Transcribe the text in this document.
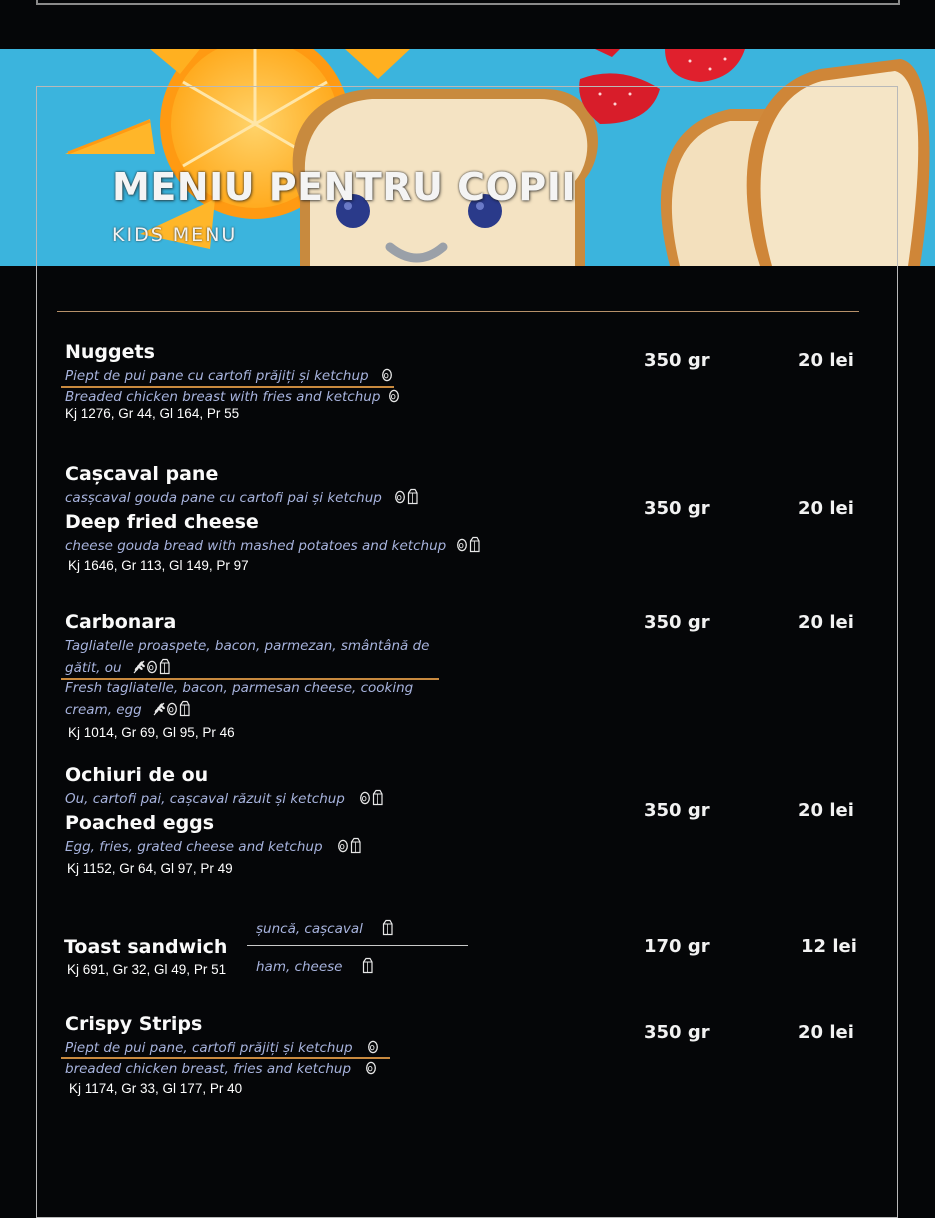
MENIU PENTRU COPII
KIDS MENU
Nuggets
Piept de pui pane cu cartofi prăjiți și ketchup
Breaded chicken breast with fries and ketchup
Kj 1276, Gr 44, Gl 164, Pr 55
350 gr	20 lei
Cașcaval pane
casșcaval gouda pane cu cartofi pai și ketchup
Deep fried cheese
cheese gouda bread with mashed potatoes and ketchup
Kj 1646, Gr 113, Gl 149, Pr 97
350 gr	20 lei
Carbonara
Tagliatelle proaspete, bacon, parmezan, smântână de
gătit, ou
Fresh tagliatelle, bacon, parmesan cheese, cooking
cream, egg
Kj 1014, Gr 69, Gl 95, Pr 46
350 gr	20 lei
Ochiuri de ou
Ou, cartofi pai, cașcaval răzuit și ketchup
Poached eggs
Egg, fries, grated cheese and ketchup
Kj 1152, Gr 64, Gl 97, Pr 49
350 gr	20 lei
Toast sandwich
șuncă, cașcaval
ham, cheese
Kj 691, Gr 32, Gl 49, Pr 51
170 gr	12 lei
Crispy Strips
Piept de pui pane, cartofi prăjiți și ketchup
breaded chicken breast, fries and ketchup
Kj 1174, Gr 33, Gl 177, Pr 40
350 gr	20 lei
